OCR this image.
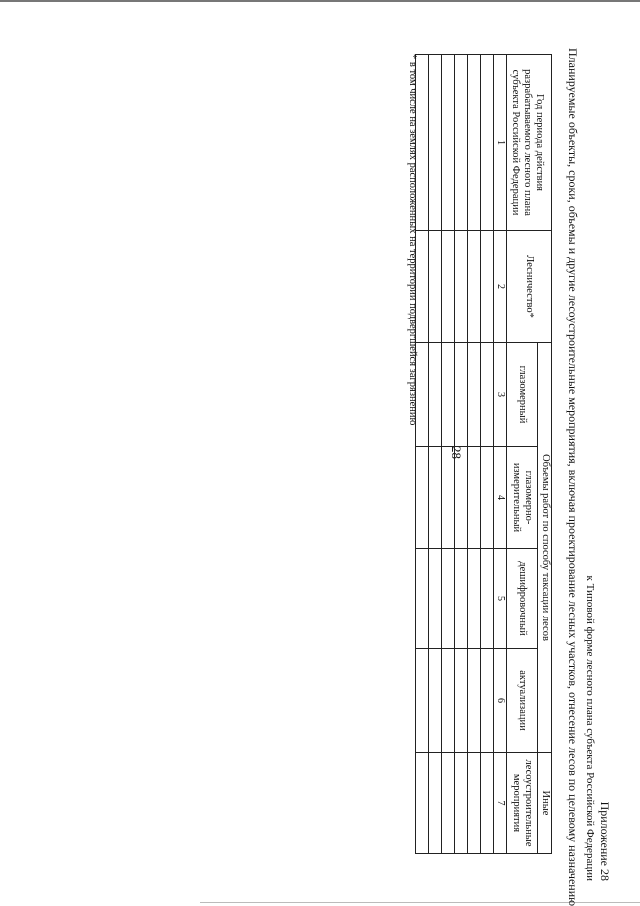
28
Приложение 28
к Типовой форме лесного плана субъекта Российской Федерации
Планируемые объекты, сроки, объемы и другие лесоустроительные мероприятия, включая проектирование лесных участков, отнесение лесов по целевому назначению
Год периода действия разрабатываемого лесного плана субъекта Российской Федерации	Лесничество*	Объемы работ по способу таксации лесов				Иные
		глазомерный	глазомерно-измерительный	дешифровочный	актуализации	лесоустроительные мероприятия
1	2	3	4	5	6	7

* в том числе на землях расположенных на территории подвергшейся загрязнению
